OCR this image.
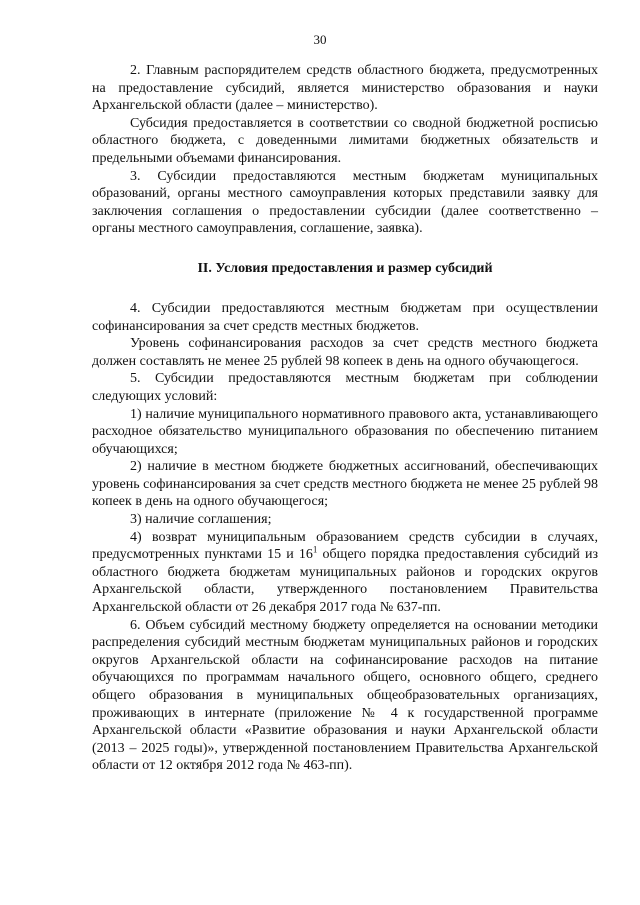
30

2. Главным распорядителем средств областного бюджета, предусмотренных на предоставление субсидий, является министерство образования и науки Архангельской области (далее – министерство).

Субсидия предоставляется в соответствии со сводной бюджетной росписью областного бюджета, с доведенными лимитами бюджетных обязательств и предельными объемами финансирования.

3. Субсидии предоставляются местным бюджетам муниципальных образований, органы местного самоуправления которых представили заявку для заключения соглашения о предоставлении субсидии (далее соответственно – органы местного самоуправления, соглашение, заявка).

II. Условия предоставления и размер субсидий

4. Субсидии предоставляются местным бюджетам при осуществлении софинансирования за счет средств местных бюджетов.

Уровень софинансирования расходов за счет средств местного бюджета должен составлять не менее 25 рублей 98 копеек в день на одного обучающегося.

5. Субсидии предоставляются местным бюджетам при соблюдении следующих условий:

1) наличие муниципального нормативного правового акта, устанавливающего расходное обязательство муниципального образования по обеспечению питанием обучающихся;

2) наличие в местном бюджете бюджетных ассигнований, обеспечивающих уровень софинансирования за счет средств местного бюджета не менее 25 рублей 98 копеек в день на одного обучающегося;

3) наличие соглашения;

4) возврат муниципальным образованием средств субсидии в случаях, предусмотренных пунктами 15 и $16^1$ общего порядка предоставления субсидий из областного бюджета бюджетам муниципальных районов и городских округов Архангельской области, утвержденного постановлением Правительства Архангельской области от 26 декабря 2017 года № 637-пп.

6. Объем субсидий местному бюджету определяется на основании методики распределения субсидий местным бюджетам муниципальных районов и городских округов Архангельской области на софинансирование расходов на питание обучающихся по программам начального общего, основного общего, среднего общего образования в муниципальных общеобразовательных организациях, проживающих в интернате (приложение № 4 к государственной программе Архангельской области «Развитие образования и науки Архангельской области (2013 – 2025 годы)», утвержденной постановлением Правительства Архангельской области от 12 октября 2012 года № 463-пп).
